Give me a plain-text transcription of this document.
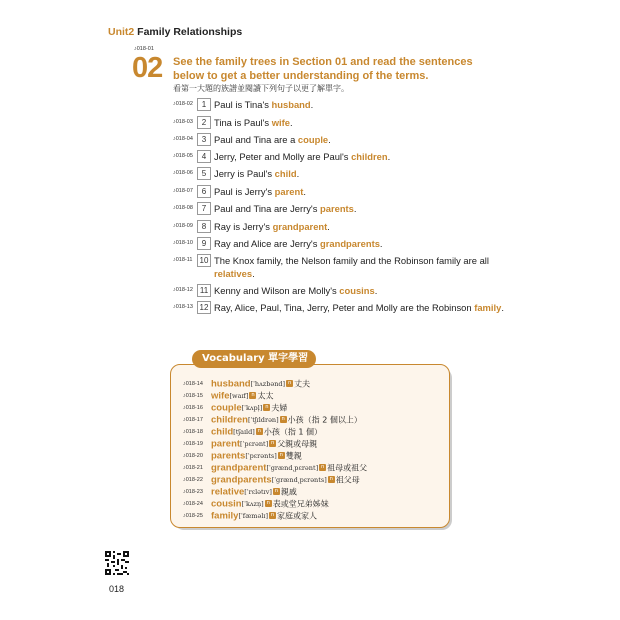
Unit2 Family Relationships
♪018-01
02 See the family trees in Section 01 and read the sentences below to get a better understanding of the terms.
看第一大題的族譜並閱讀下列句子以更了解單字。
♪018-02	1 Paul is Tina's husband.
♪018-03	2 Tina is Paul's wife.
♪018-04	3 Paul and Tina are a couple.
♪018-05	4 Jerry, Peter and Molly are Paul's children.
♪018-06	5 Jerry is Paul's child.
♪018-07	6 Paul is Jerry's parent.
♪018-08	7 Paul and Tina are Jerry's parents.
♪018-09	8 Ray is Jerry's grandparent.
♪018-10	9 Ray and Alice are Jerry's grandparents.
♪018-11 10 The Knox family, the Nelson family and the Robinson family are all relatives.
♪018-12 11 Kenny and Wilson are Molly's cousins.
♪018-13 12 Ray, Alice, Paul, Tina, Jerry, Peter and Molly are the Robinson family.
Vocabulary 單字學習
♪018-14 husband[ˈhʌzbənd] n 丈夫
♪018-15 wife[waɪf] n 太太
♪018-16 couple[ˈkʌpl̩] n 夫婦
♪018-17 children[ˈtʃɪldrən] n 小孩（指 2 個以上）
♪018-18 child[tʃaɪld] n 小孩（指 1 個）
♪018-19 parent[ˈpɛrənt] n 父親或母親
♪018-20 parents[ˈpɛrənts] n 雙親
♪018-21 grandparent[ˈgrænd͵pɛrənt] n 祖母或祖父
♪018-22 grandparents[ˈgrænd͵pɛrənts] n 祖父母
♪018-23 relative[ˈrɛlətɪv] n 親戚
♪018-24 cousin[ˈkʌzn̩] n 表或堂兄弟姊妹
♪018-25 family[ˈfæməlɪ] n 家庭或家人
018
